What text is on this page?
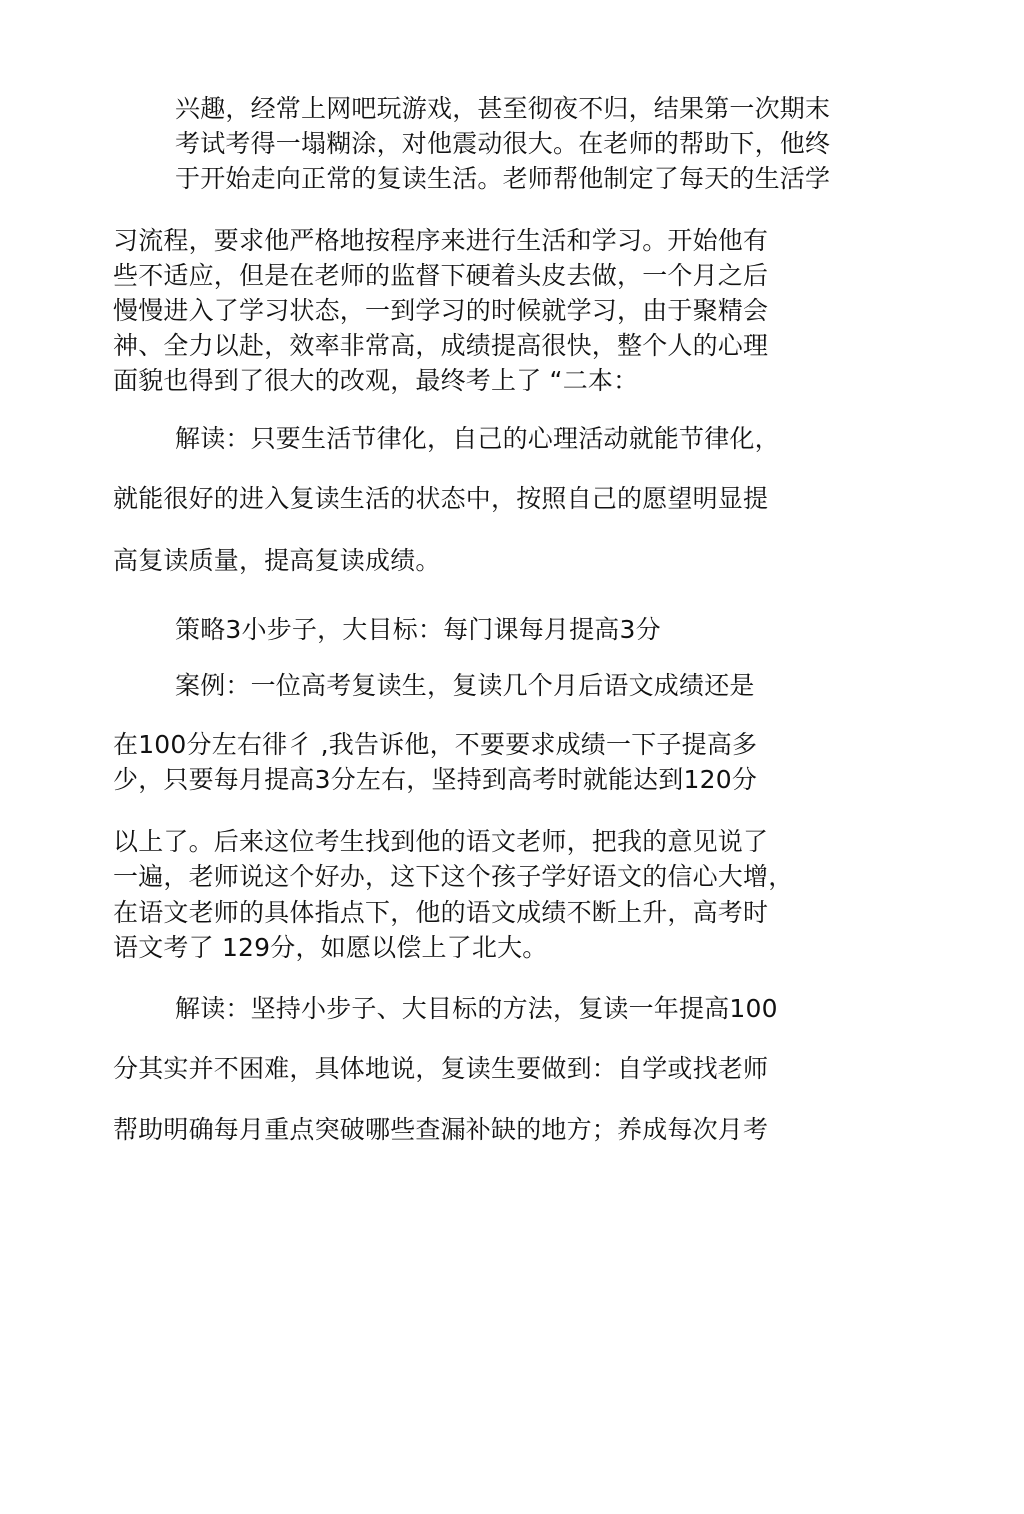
兴趣，经常上网吧玩游戏，甚至彻夜不归，结果第一次期末
考试考得一塌糊涂，对他震动很大。在老师的帮助下，他终
于开始走向正常的复读生活。老师帮他制定了每天的生活学
习流程，要求他严格地按程序来进行生活和学习。开始他有
些不适应，但是在老师的监督下硬着头皮去做，一个月之后
慢慢进入了学习状态，一到学习的时候就学习，由于聚精会
神、全力以赴，效率非常高，成绩提高很快，整个人的心理
面貌也得到了很大的改观，最终考上了 “二本：
解读：只要生活节律化，自己的心理活动就能节律化，
就能很好的进入复读生活的状态中，按照自己的愿望明显提
高复读质量，提高复读成绩。
策略3小步子，大目标：每门课每月提高3分
案例：一位高考复读生，复读几个月后语文成绩还是
在100分左右徘彳 ,我告诉他，不要要求成绩一下子提高多
少，只要每月提高3分左右，坚持到高考时就能达到120分
以上了。后来这位考生找到他的语文老师，把我的意见说了
一遍，老师说这个好办，这下这个孩子学好语文的信心大增，
在语文老师的具体指点下，他的语文成绩不断上升，高考时
语文考了 129分，如愿以偿上了北大。
解读：坚持小步子、大目标的方法，复读一年提高100
分其实并不困难，具体地说，复读生要做到：自学或找老师
帮助明确每月重点突破哪些查漏补缺的地方；养成每次月考
